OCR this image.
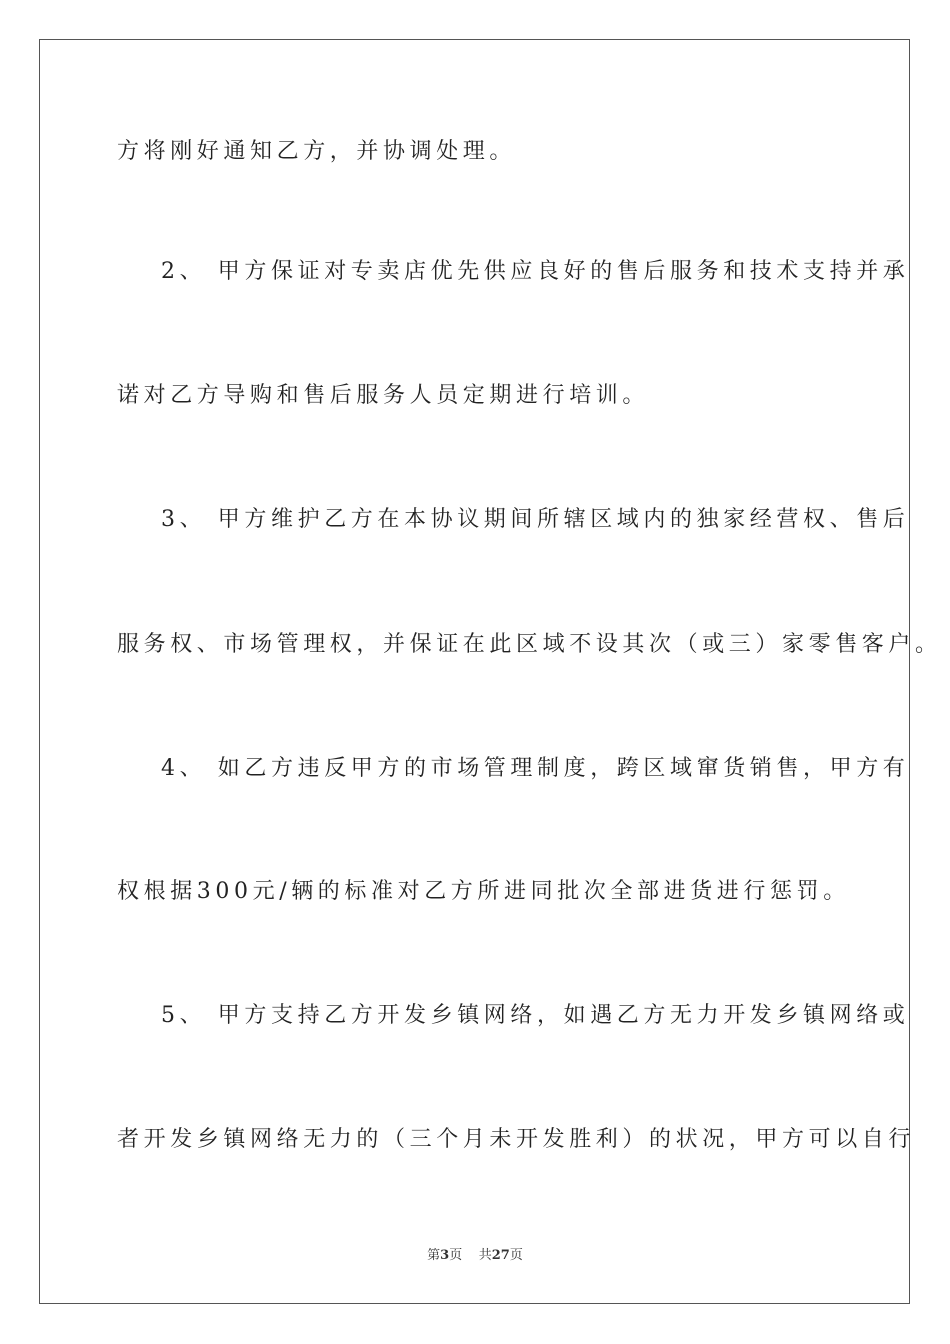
方将刚好通知乙方，并协调处理。
2、 甲方保证对专卖店优先供应良好的售后服务和技术支持并承
诺对乙方导购和售后服务人员定期进行培训。
3、 甲方维护乙方在本协议期间所辖区域内的独家经营权、售后
服务权、市场管理权，并保证在此区域不设其次（或三）家零售客户。
4、 如乙方违反甲方的市场管理制度，跨区域窜货销售，甲方有
权根据300元/辆的标准对乙方所进同批次全部进货进行惩罚。
5、 甲方支持乙方开发乡镇网络，如遇乙方无力开发乡镇网络或
者开发乡镇网络无力的（三个月未开发胜利）的状况，甲方可以自行
第3页 共27页
